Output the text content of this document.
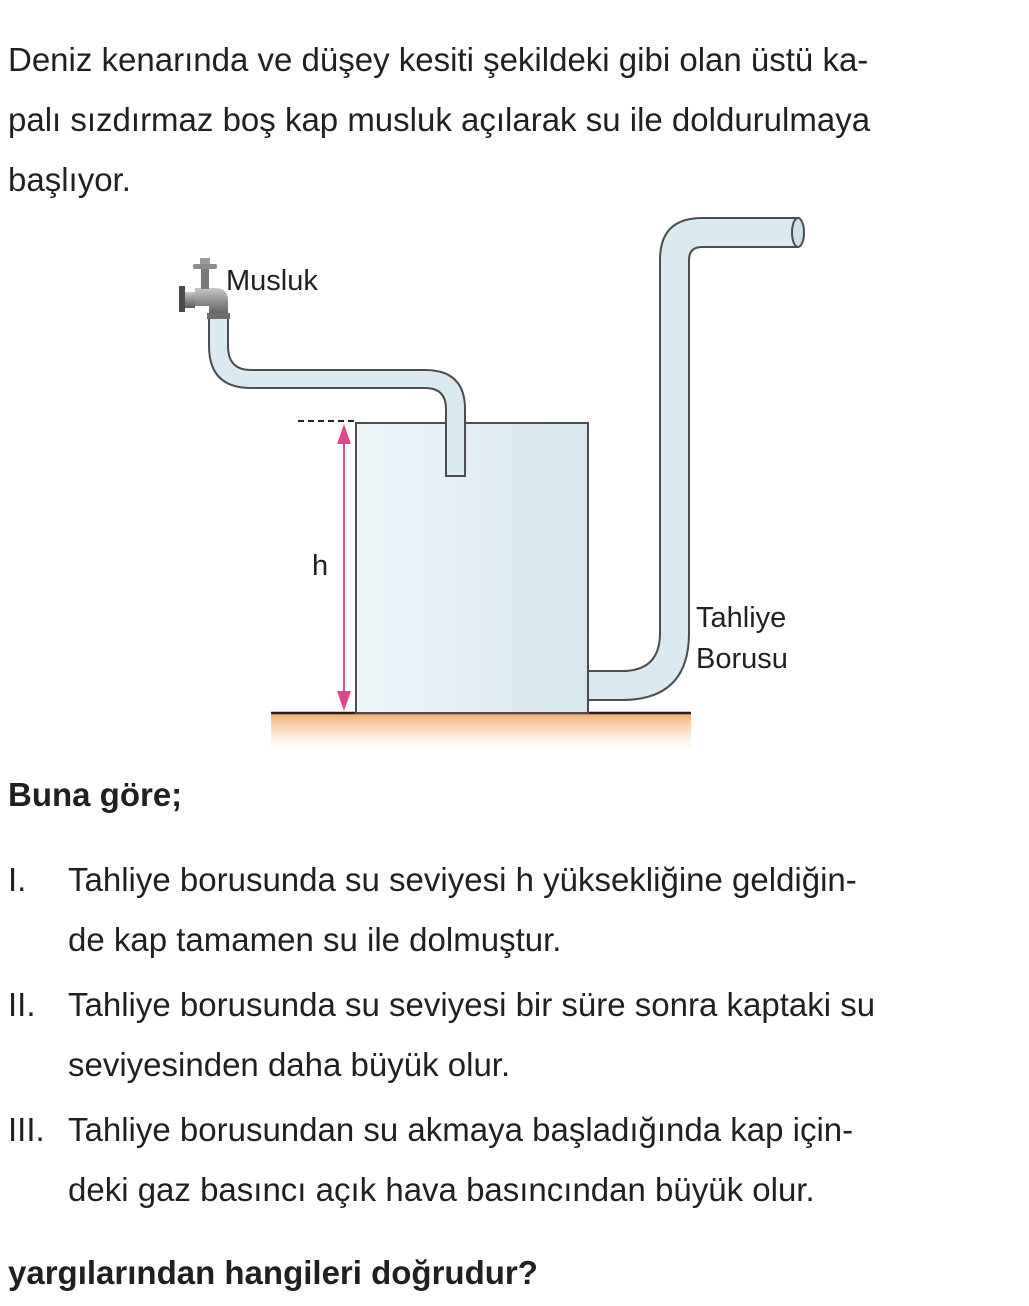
Deniz kenarında ve düşey kesiti şekildeki gibi olan üstü ka-
palı sızdırmaz boş kap musluk açılarak su ile doldurulmaya
başlıyor.
Musluk
h
Tahliye
Borusu
Buna göre;
I. Tahliye borusunda su seviyesi h yüksekliğine geldiğin-
de kap tamamen su ile dolmuştur.
II. Tahliye borusunda su seviyesi bir süre sonra kaptaki su
seviyesinden daha büyük olur.
III. Tahliye borusundan su akmaya başladığında kap için-
deki gaz basıncı açık hava basıncından büyük olur.
yargılarından hangileri doğrudur?
